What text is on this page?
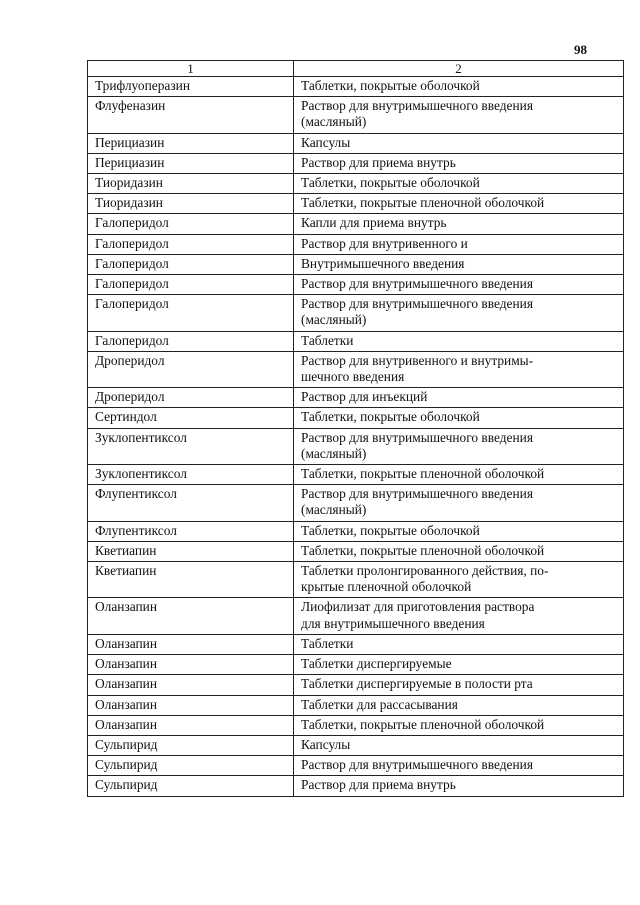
98
1	2

Трифлуоперазин	Таблетки, покрытые оболочкой

Флуфеназин	Раствор для внутримышечного введения
(масляный)

Перициазин	Капсулы

Перициазин	Раствор для приема внутрь

Тиоридазин	Таблетки, покрытые оболочкой

Тиоридазин	Таблетки, покрытые пленочной оболочкой

Галоперидол	Капли для приема внутрь

Галоперидол	Раствор для внутривенного и

Галоперидол	Внутримышечного введения

Галоперидол	Раствор для внутримышечного введения

Галоперидол	Раствор для внутримышечного введения
(масляный)

Галоперидол	Таблетки

Дроперидол	Раствор для внутривенного и внутримы-
шечного введения

Дроперидол	Раствор для инъекций

Сертиндол	Таблетки, покрытые оболочкой

Зуклопентиксол	Раствор для внутримышечного введения
(масляный)

Зуклопентиксол	Таблетки, покрытые пленочной оболочкой

Флупентиксол	Раствор для внутримышечного введения
(масляный)

Флупентиксол	Таблетки, покрытые оболочкой

Кветиапин	Таблетки, покрытые пленочной оболочкой

Кветиапин	Таблетки пролонгированного действия, по-
крытые пленочной оболочкой

Оланзапин	Лиофилизат для приготовления раствора
для внутримышечного введения

Оланзапин	Таблетки

Оланзапин	Таблетки диспергируемые

Оланзапин	Таблетки диспергируемые в полости рта

Оланзапин	Таблетки для рассасывания

Оланзапин	Таблетки, покрытые пленочной оболочкой

Сульпирид	Капсулы

Сульпирид	Раствор для внутримышечного введения

Сульпирид	Раствор для приема внутрь
